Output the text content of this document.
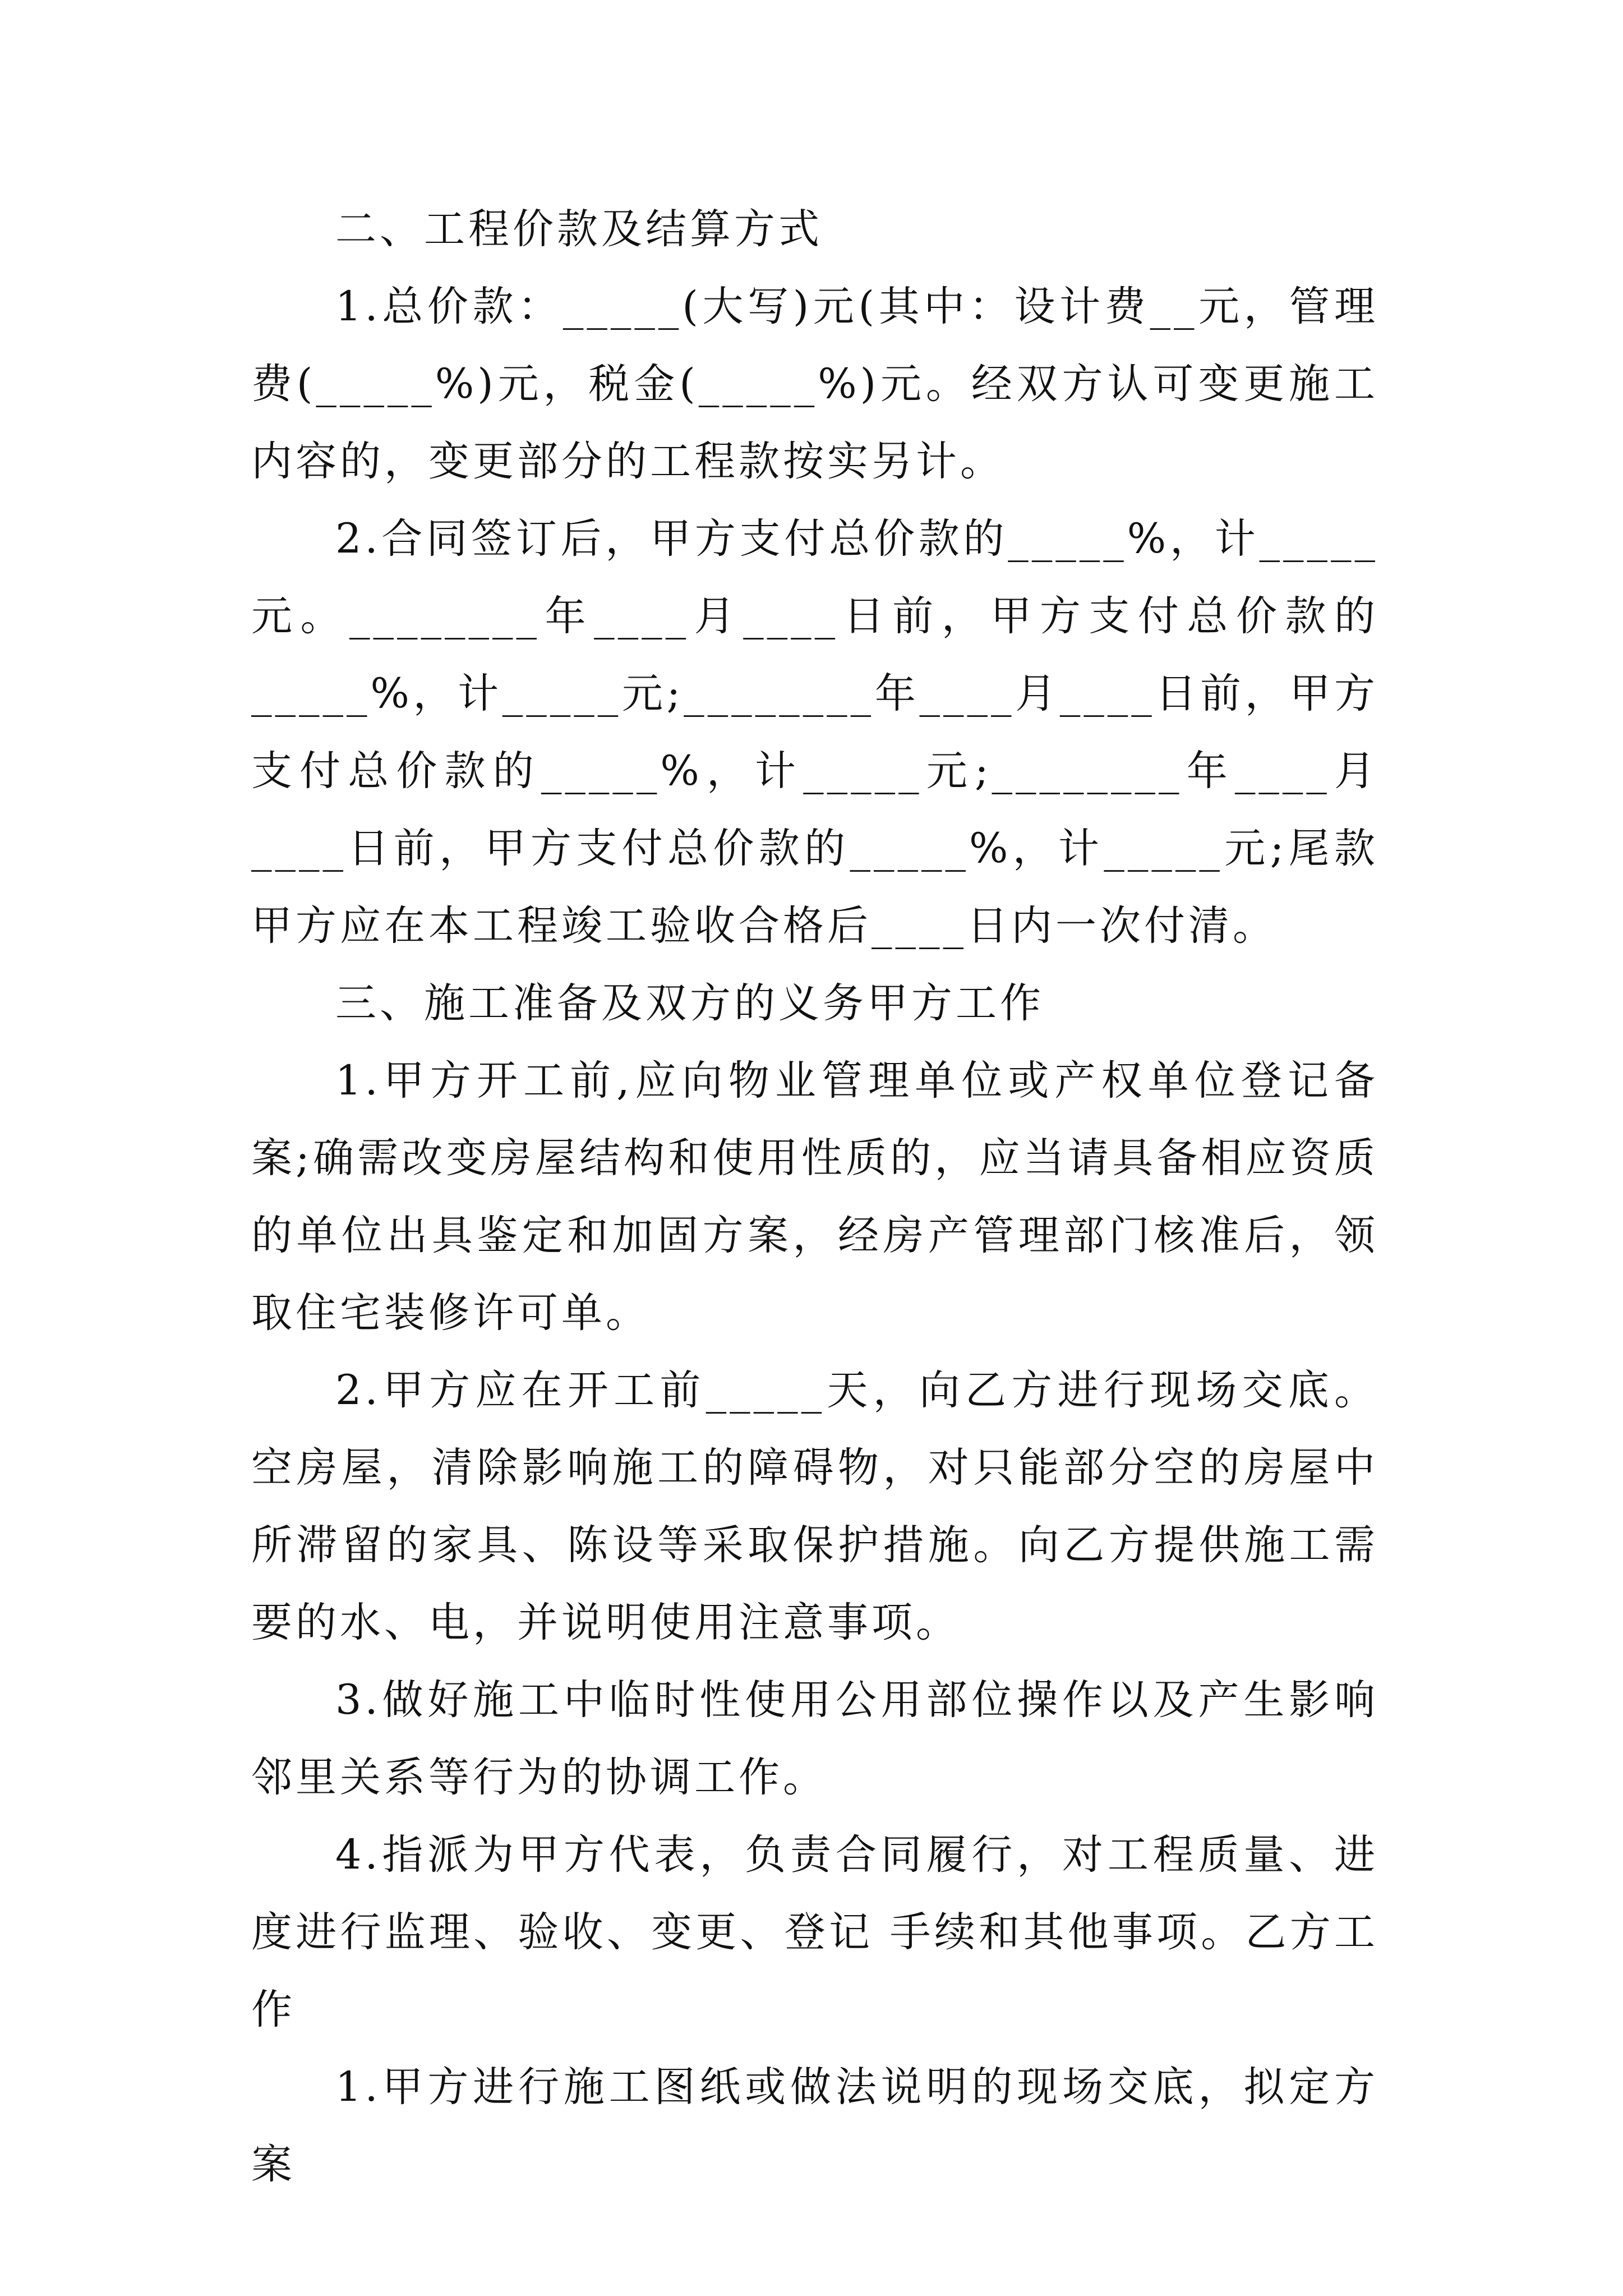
二、工程价款及结算方式

1.总价款：_____(大写)元(其中：设计费__元，管理费(_____%)元，税金(_____%)元。经双方认可变更施工内容的，变更部分的工程款按实另计。

2.合同签订后，甲方支付总价款的_____%，计_____元。________年____月____日前，甲方支付总价款的_____%，计_____元;________年____月____日前，甲方支付总价款的_____%，计_____元;________年____月____日前，甲方支付总价款的_____%，计_____元;尾款甲方应在本工程竣工验收合格后____日内一次付清。

三、施工准备及双方的义务甲方工作

1.甲方开工前,应向物业管理单位或产权单位登记备案;确需改变房屋结构和使用性质的，应当请具备相应资质的单位出具鉴定和加固方案，经房产管理部门核准后，领取住宅装修许可单。

2.甲方应在开工前_____天，向乙方进行现场交底。空房屋，清除影响施工的障碍物，对只能部分空的房屋中所滞留的家具、陈设等采取保护措施。向乙方提供施工需要的水、电，并说明使用注意事项。

3.做好施工中临时性使用公用部位操作以及产生影响邻里关系等行为的协调工作。

4.指派为甲方代表，负责合同履行，对工程质量、进度进行监理、验收、变更、登记 手续和其他事项。乙方工作

1.甲方进行施工图纸或做法说明的现场交底，拟定方案
